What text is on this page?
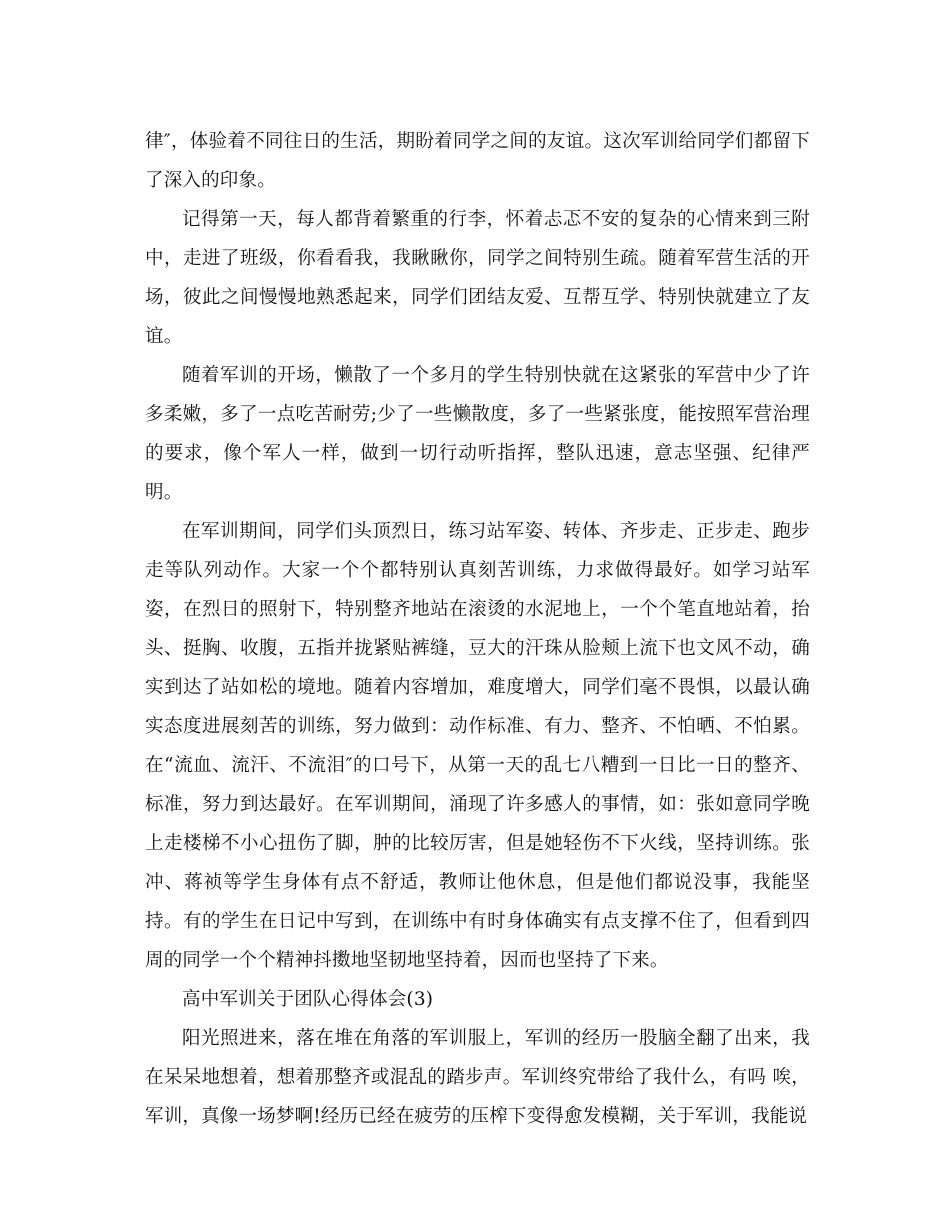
律″，体验着不同往日的生活，期盼着同学之间的友谊。这次军训给同学们都留下了深入的印象。

记得第一天，每人都背着繁重的行李，怀着忐忑不安的复杂的心情来到三附中，走进了班级，你看看我，我瞅瞅你，同学之间特别生疏。随着军营生活的开场，彼此之间慢慢地熟悉起来，同学们团结友爱、互帮互学、特别快就建立了友谊。

随着军训的开场，懒散了一个多月的学生特别快就在这紧张的军营中少了许多柔嫩，多了一点吃苦耐劳;少了一些懒散度，多了一些紧张度，能按照军营治理的要求，像个军人一样，做到一切行动听指挥，整队迅速，意志坚强、纪律严明。

在军训期间，同学们头顶烈日，练习站军姿、转体、齐步走、正步走、跑步走等队列动作。大家一个个都特别认真刻苦训练，力求做得最好。如学习站军姿，在烈日的照射下，特别整齐地站在滚烫的水泥地上，一个个笔直地站着，抬头、挺胸、收腹，五指并拢紧贴裤缝，豆大的汗珠从脸颊上流下也文风不动，确实到达了站如松的境地。随着内容增加，难度增大，同学们毫不畏惧，以最认确实态度进展刻苦的训练，努力做到：动作标准、有力、整齐、不怕晒、不怕累。在“流血、流汗、不流泪″的口号下，从第一天的乱七八糟到一日比一日的整齐、标准，努力到达最好。在军训期间，涌现了许多感人的事情，如：张如意同学晚上走楼梯不小心扭伤了脚，肿的比较厉害，但是她轻伤不下火线，坚持训练。张冲、蒋祯等学生身体有点不舒适，教师让他休息，但是他们都说没事，我能坚持。有的学生在日记中写到，在训练中有时身体确实有点支撑不住了，但看到四周的同学一个个精神抖擞地坚韧地坚持着，因而也坚持了下来。

高中军训关于团队心得体会(3)

阳光照进来，落在堆在角落的军训服上，军训的经历一股脑全翻了出来，我在呆呆地想着，想着那整齐或混乱的踏步声。军训终究带给了我什么，有吗 唉，军训，真像一场梦啊!经历已经在疲劳的压榨下变得愈发模糊，关于军训，我能说
